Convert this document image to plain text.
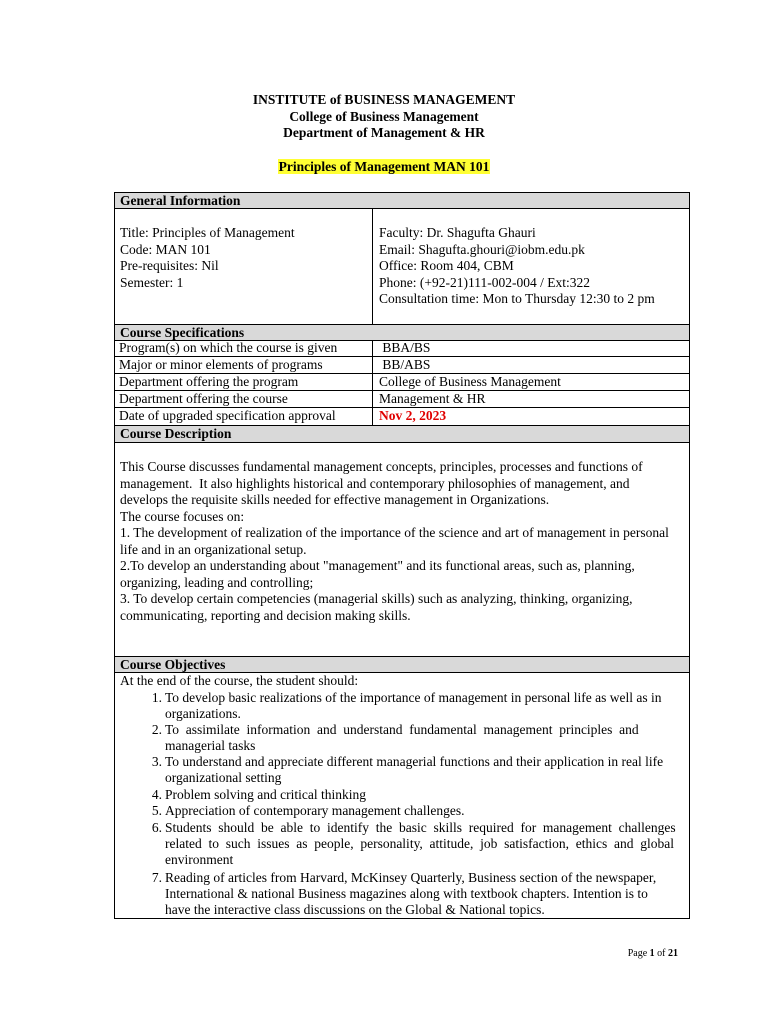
INSTITUTE of BUSINESS MANAGEMENT
College of Business Management
Department of Management & HR
Principles of Management MAN 101
General Information
Title: Principles of Management
Code: MAN 101
Pre-requisites: Nil
Semester: 1
Faculty: Dr. Shagufta Ghauri
Email: Shagufta.ghouri@iobm.edu.pk
Office: Room 404, CBM
Phone: (+92-21)111-002-004 / Ext:322
Consultation time: Mon to Thursday 12:30 to 2 pm
Course Specifications
Program(s) on which the course is given	BBA/BS
Major or minor elements of programs	BB/ABS
Department offering the program	College of Business Management
Department offering the course	Management & HR
Date of upgraded specification approval	Nov 2, 2023
Course Description
This Course discusses fundamental management concepts, principles, processes and functions of
management.  It also highlights historical and contemporary philosophies of management, and
develops the requisite skills needed for effective management in Organizations.
The course focuses on:
1. The development of realization of the importance of the science and art of management in personal
life and in an organizational setup.
2.To develop an understanding about "management" and its functional areas, such as, planning,
organizing, leading and controlling;
3. To develop certain competencies (managerial skills) such as analyzing, thinking, organizing,
communicating, reporting and decision making skills.
Course Objectives
At the end of the course, the student should:
1. To develop basic realizations of the importance of management in personal life as well as in
organizations.
2. To  assimilate  information  and  understand  fundamental  management  principles  and
managerial tasks
3. To understand and appreciate different managerial functions and their application in real life
organizational setting
4. Problem solving and critical thinking
5. Appreciation of contemporary management challenges.
6. Students  should  be  able  to  identify  the  basic  skills  required  for  management  challenges
related  to  such  issues  as  people,  personality,  attitude,  job  satisfaction,  ethics  and  global
environment
7. Reading of articles from Harvard, McKinsey Quarterly, Business section of the newspaper,
International & national Business magazines along with textbook chapters. Intention is to
have the interactive class discussions on the Global & National topics.
Page 1 of 21
